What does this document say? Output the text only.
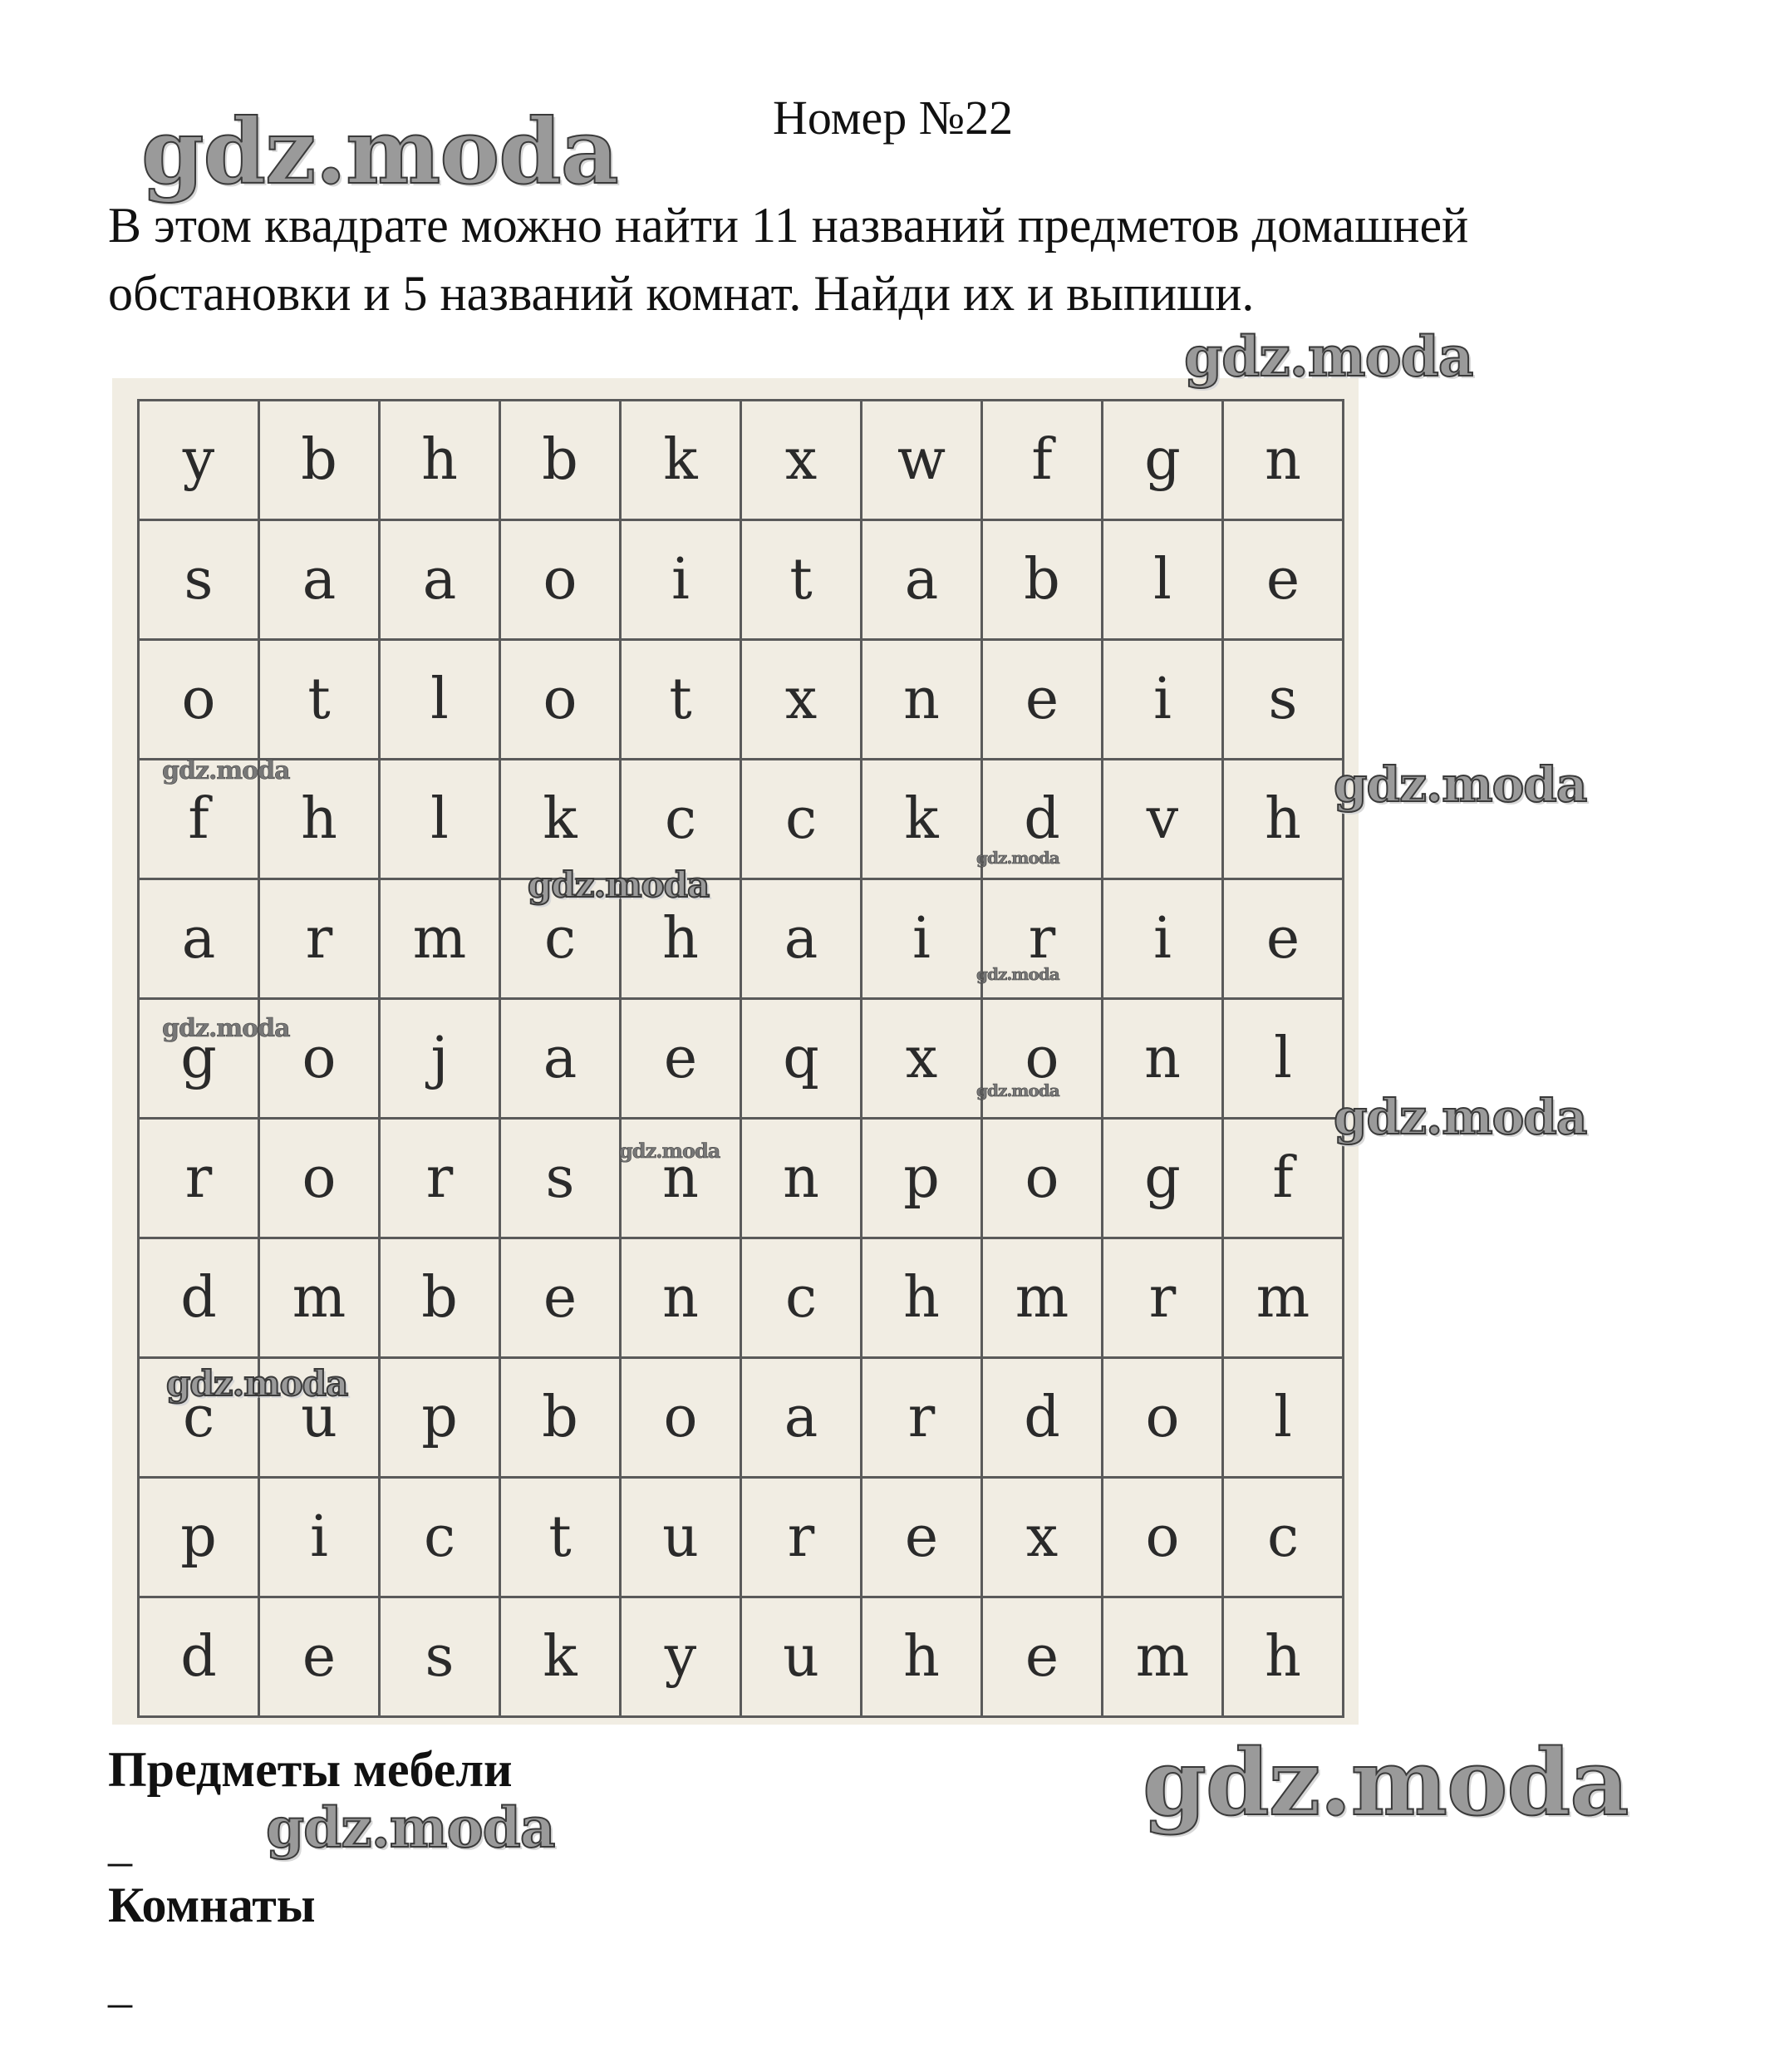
Номер №22
В этом квадрате можно найти 11 названий предметов домашней обстановки и 5 названий комнат. Найди их и выпиши.
y	b	h	b	k	x	w	f	g	n
s	a	a	o	i	t	a	b	l	e
o	t	l	o	t	x	n	e	i	s
f	h	l	k	c	c	k	d	v	h
a	r	m	c	h	a	i	r	i	e
g	o	j	a	e	q	x	o	n	l
r	o	r	s	n	n	p	o	g	f
d	m	b	e	n	c	h	m	r	m
c	u	p	b	o	a	r	d	o	l
p	i	c	t	u	r	e	x	o	c
d	e	s	k	y	u	h	e	m	h
Предметы мебели
_
Комнаты
_
gdz.moda
gdz.moda
gdz.moda
gdz.moda
gdz.moda
gdz.moda
gdz.moda
gdz.moda
gdz.moda
gdz.moda
gdz.moda
gdz.moda
gdz.moda
gdz.moda
